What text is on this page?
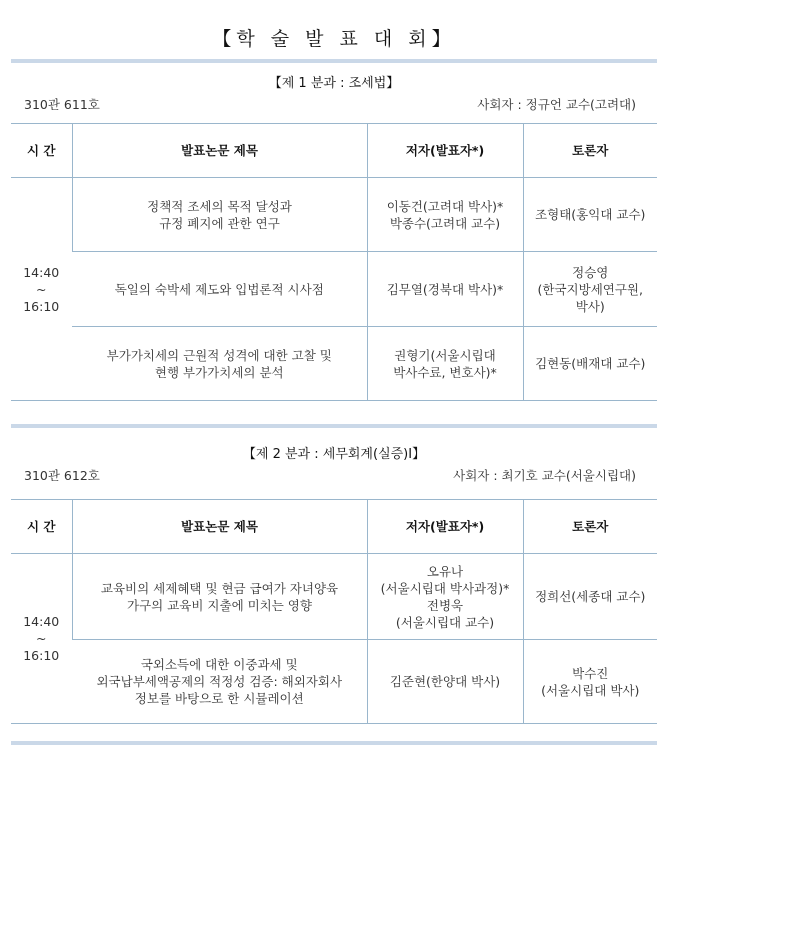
【학 술 발 표 대 회】
【제 1 분과 : 조세법】
310관 611호	사회자 : 정규언 교수(고려대)
시 간	발표논문 제목	저자(발표자*)	토론자

14:40
~
16:10	정책적 조세의 목적 달성과
규정 폐지에 관한 연구	이동건(고려대 박사)*
박종수(고려대 교수)	조형태(홍익대 교수)

	독일의 숙박세 제도와 입법론적 시사점	김무열(경북대 박사)*	정승영
(한국지방세연구원,
박사)

	부가가치세의 근원적 성격에 대한 고찰 및
현행 부가가치세의 분석	권형기(서울시립대
박사수료, 변호사)*	김현동(배재대 교수)
【제 2 분과 : 세무회계(실증)Ⅰ】
310관 612호	사회자 : 최기호 교수(서울시립대)
시 간	발표논문 제목	저자(발표자*)	토론자

14:40
~
16:10	교육비의 세제혜택 및 현금 급여가 자녀양육
가구의 교육비 지출에 미치는 영향	오유나
(서울시립대 박사과정)*
전병욱
(서울시립대 교수)	정희선(세종대 교수)

	국외소득에 대한 이중과세 및
외국납부세액공제의 적정성 검증: 해외자회사
정보를 바탕으로 한 시뮬레이션	김준현(한양대 박사)	박수진
(서울시립대 박사)
